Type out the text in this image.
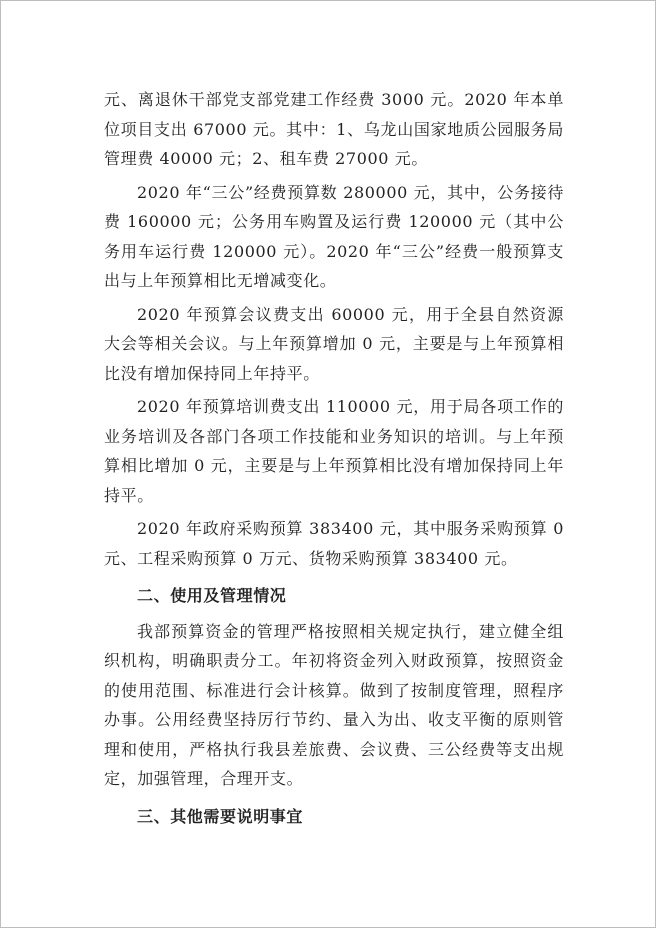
元、离退休干部党支部党建工作经费 3000 元。2020 年本单位项目支出 67000 元。其中：1、乌龙山国家地质公园服务局管理费 40000 元；2、租车费 27000 元。

2020 年“三公”经费预算数 280000 元，其中，公务接待费 160000 元；公务用车购置及运行费 120000 元（其中公务用车运行费 120000 元）。2020 年“三公”经费一般预算支出与上年预算相比无增减变化。

2020 年预算会议费支出 60000 元，用于全县自然资源大会等相关会议。与上年预算增加 0 元，主要是与上年预算相比没有增加保持同上年持平。

2020 年预算培训费支出 110000 元，用于局各项工作的业务培训及各部门各项工作技能和业务知识的培训。与上年预算相比增加 0 元，主要是与上年预算相比没有增加保持同上年持平。

2020 年政府采购预算 383400 元，其中服务采购预算 0 元、工程采购预算 0 万元、货物采购预算 383400 元。

二、使用及管理情况

我部预算资金的管理严格按照相关规定执行，建立健全组织机构，明确职责分工。年初将资金列入财政预算，按照资金的使用范围、标准进行会计核算。做到了按制度管理，照程序办事。公用经费坚持厉行节约、量入为出、收支平衡的原则管理和使用，严格执行我县差旅费、会议费、三公经费等支出规定，加强管理，合理开支。

三、其他需要说明事宜
